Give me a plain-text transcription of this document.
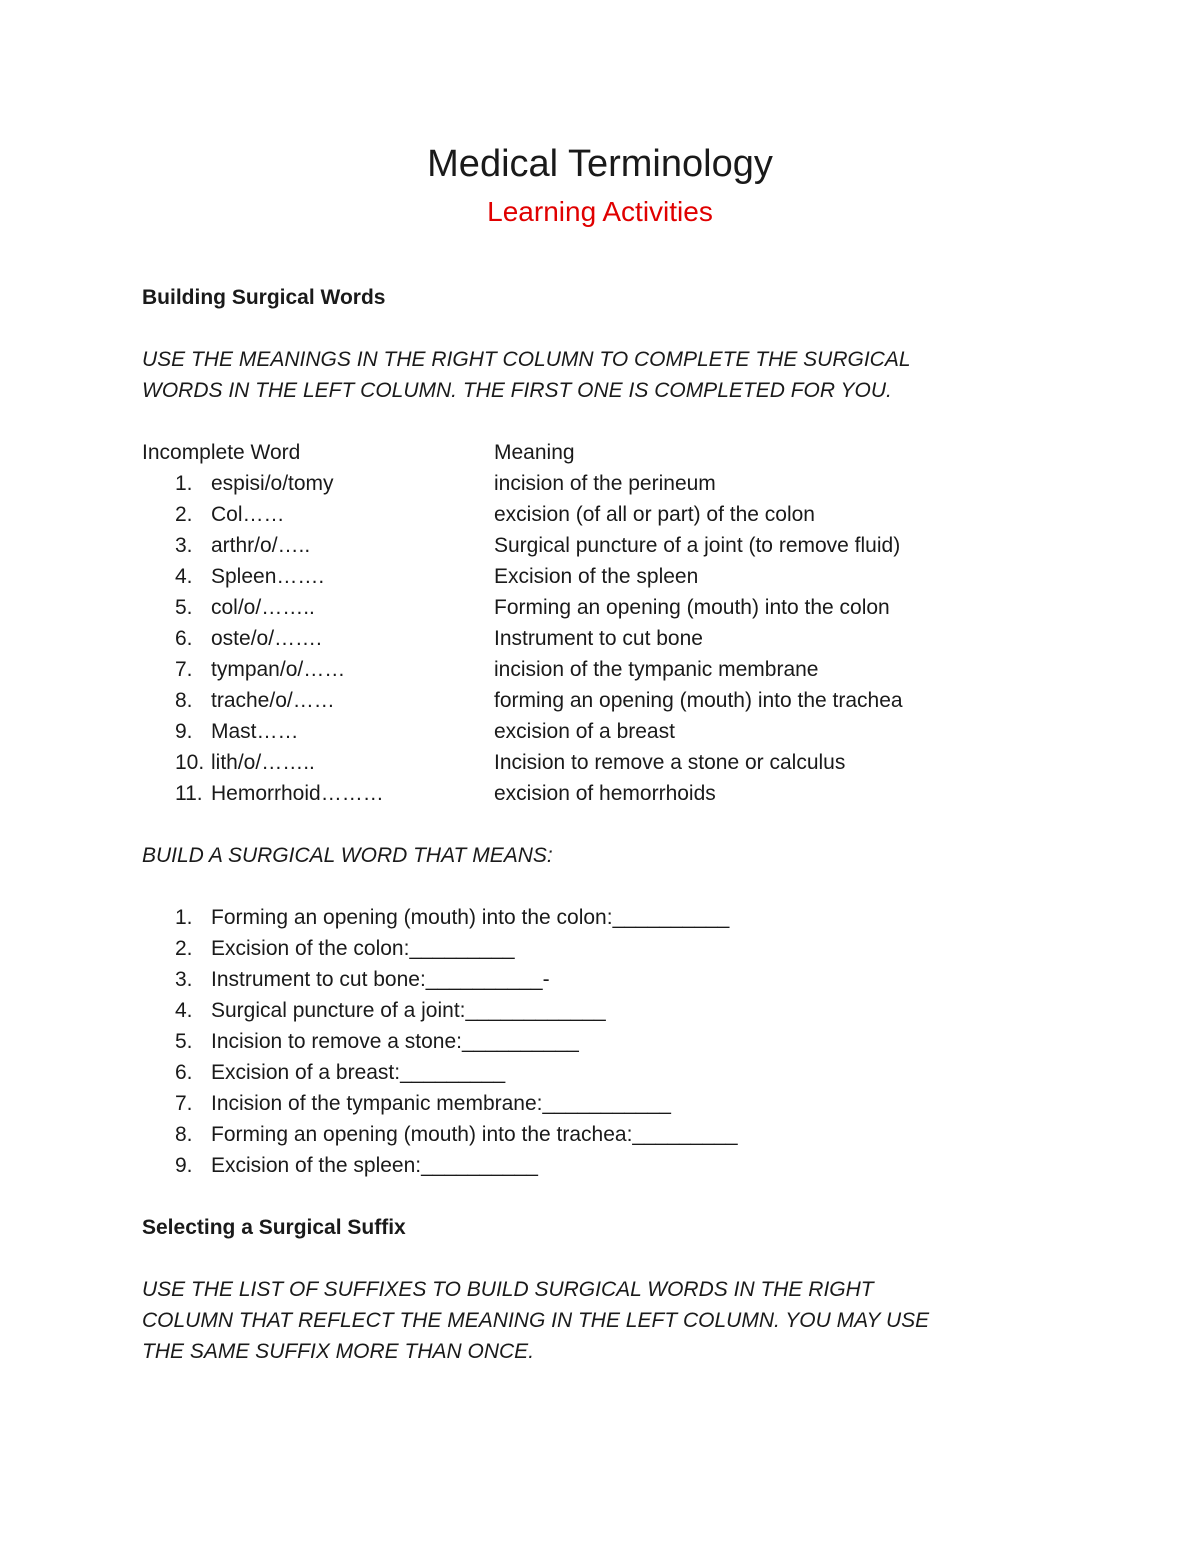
Medical Terminology
Learning Activities

Building Surgical Words

USE THE MEANINGS IN THE RIGHT COLUMN TO COMPLETE THE SURGICAL

WORDS IN THE LEFT COLUMN. THE FIRST ONE IS COMPLETED FOR YOU.

Incomplete Word	Meaning
1. espisi/o/tomy	incision of the perineum
2. Col……	excision (of all or part) of the colon
3. arthr/o/…..	Surgical puncture of a joint (to remove fluid)
4. Spleen…….	Excision of the spleen
5. col/o/……..	Forming an opening (mouth) into the colon
6. oste/o/…….	Instrument to cut bone
7. tympan/o/……	incision of the tympanic membrane
8. trache/o/……	forming an opening (mouth) into the trachea
9. Mast……	excision of a breast
10. lith/o/……..	Incision to remove a stone or calculus
11. Hemorrhoid………	excision of hemorrhoids

BUILD A SURGICAL WORD THAT MEANS:

1. Forming an opening (mouth) into the colon:__________
2. Excision of the colon:_________
3. Instrument to cut bone:__________-
4. Surgical puncture of a joint:____________
5. Incision to remove a stone:__________
6. Excision of a breast:_________
7. Incision of the tympanic membrane:___________
8. Forming an opening (mouth) into the trachea:_________
9. Excision of the spleen:__________

Selecting a Surgical Suffix

USE THE LIST OF SUFFIXES TO BUILD SURGICAL WORDS IN THE RIGHT

COLUMN THAT REFLECT THE MEANING IN THE LEFT COLUMN. YOU MAY USE

THE SAME SUFFIX MORE THAN ONCE.
